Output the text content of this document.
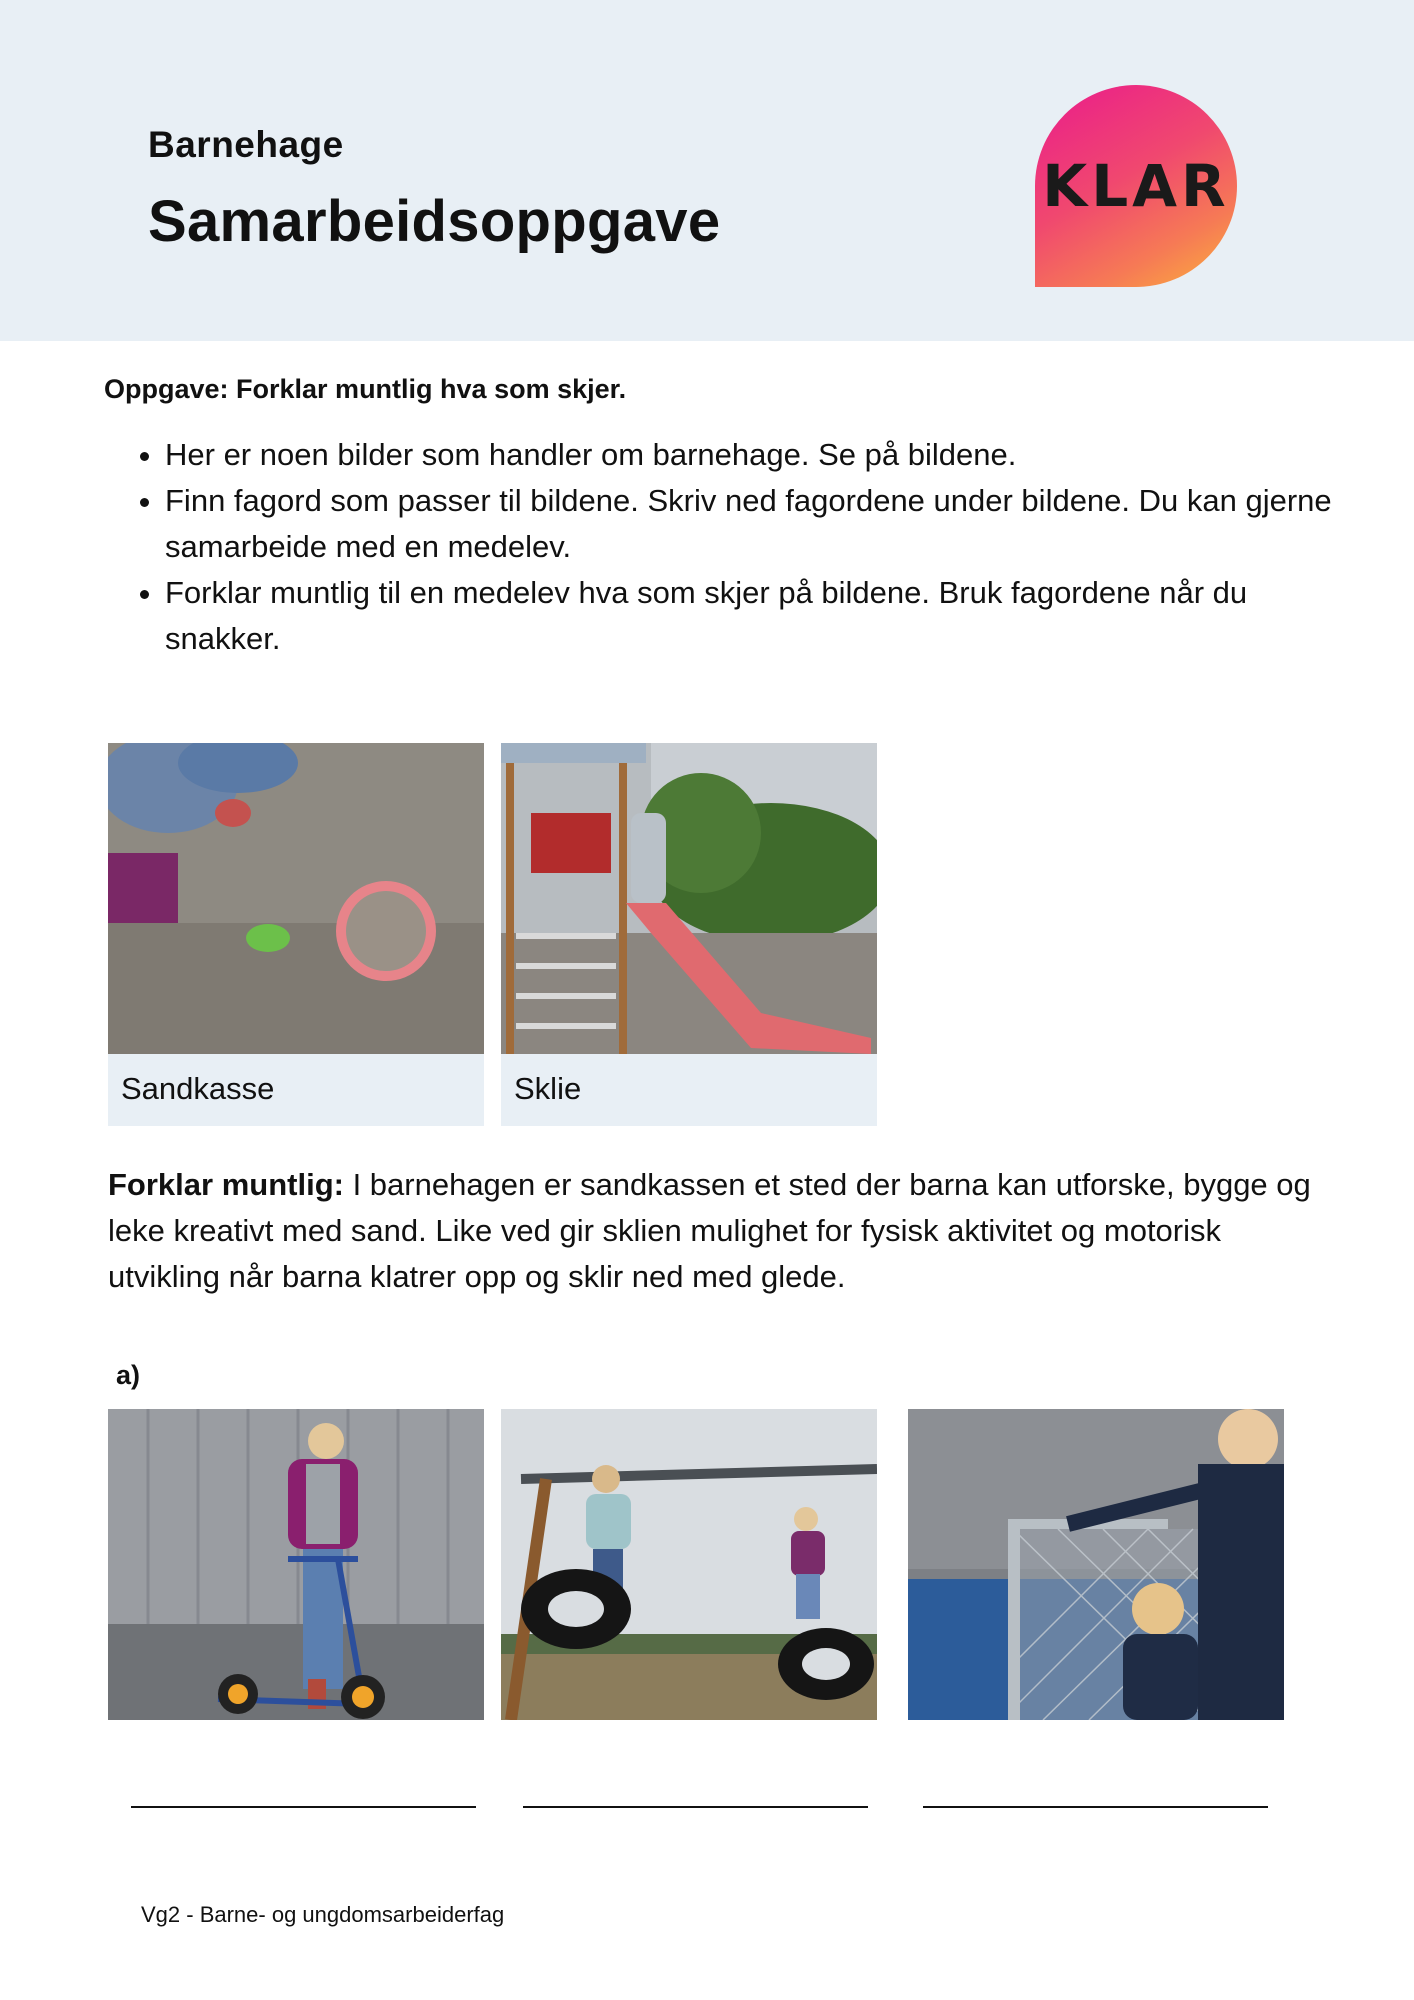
Barnehage
Samarbeidsoppgave
KLAR
Oppgave: Forklar muntlig hva som skjer.
• Her er noen bilder som handler om barnehage. Se på bildene.
• Finn fagord som passer til bildene. Skriv ned fagordene under bildene. Du kan gjerne samarbeide med en medelev.
• Forklar muntlig til en medelev hva som skjer på bildene. Bruk fagordene når du snakker.
Sandkasse	Sklie

Forklar muntlig: I barnehagen er sandkassen et sted der barna kan utforske, bygge og leke kreativt med sand. Like ved gir sklien mulighet for fysisk aktivitet og motorisk utvikling når barna klatrer opp og sklir ned med glede.

a)
Vg2 - Barne- og ungdomsarbeiderfag
